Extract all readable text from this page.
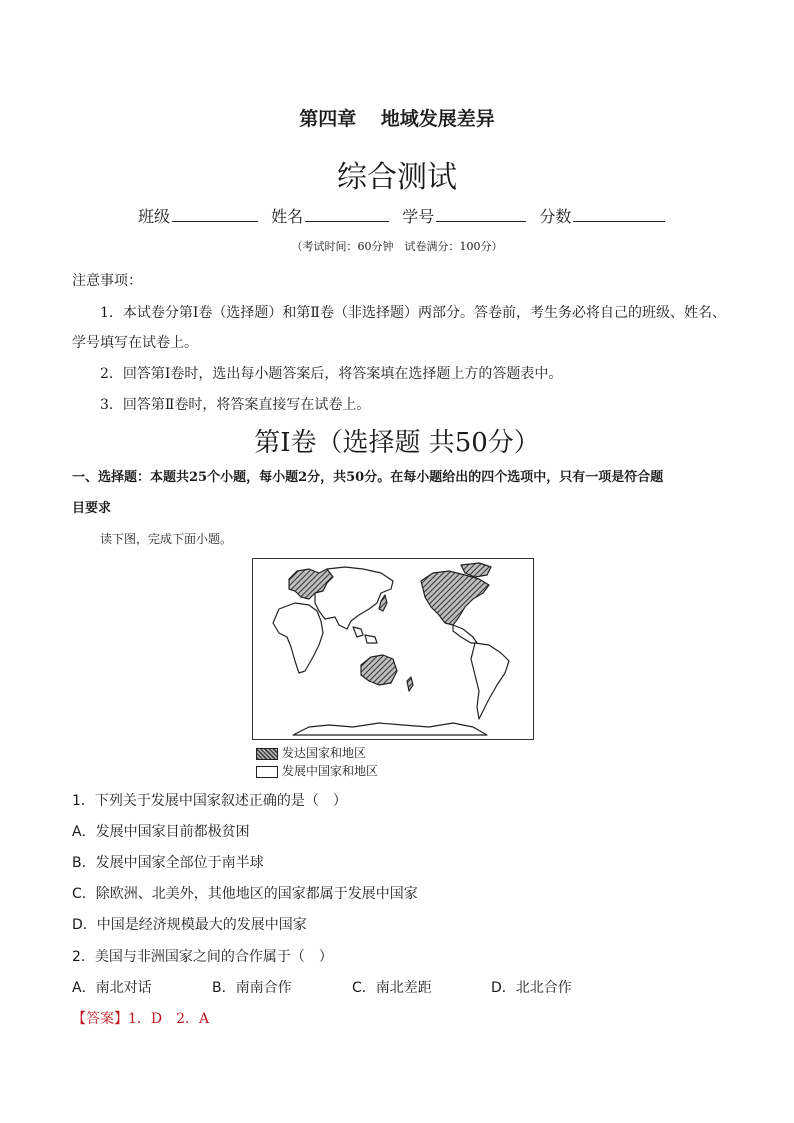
第四章 地域发展差异
综合测试
班级	姓名	学号	分数
（考试时间：60分钟　试卷满分：100分）
注意事项：
1．本试卷分第Ⅰ卷（选择题）和第Ⅱ卷（非选择题）两部分。答卷前，考生务必将自己的班级、姓名、
学号填写在试卷上。
2．回答第Ⅰ卷时，选出每小题答案后，将答案填在选择题上方的答题表中。
3．回答第Ⅱ卷时，将答案直接写在试卷上。
第Ⅰ卷（选择题 共50分）
一、选择题：本题共25个小题，每小题2分，共50分。在每小题给出的四个选项中，只有一项是符合题
目要求
读下图，完成下面小题。
发达国家和地区
发展中国家和地区
1．下列关于发展中国家叙述正确的是（　）
A．发展中国家目前都极贫困
B．发展中国家全部位于南半球
C．除欧洲、北美外，其他地区的国家都属于发展中国家
D．中国是经济规模最大的发展中国家
2．美国与非洲国家之间的合作属于（　）
A．南北对话	B．南南合作	C．南北差距	D．北北合作
【答案】1．D　2．A
